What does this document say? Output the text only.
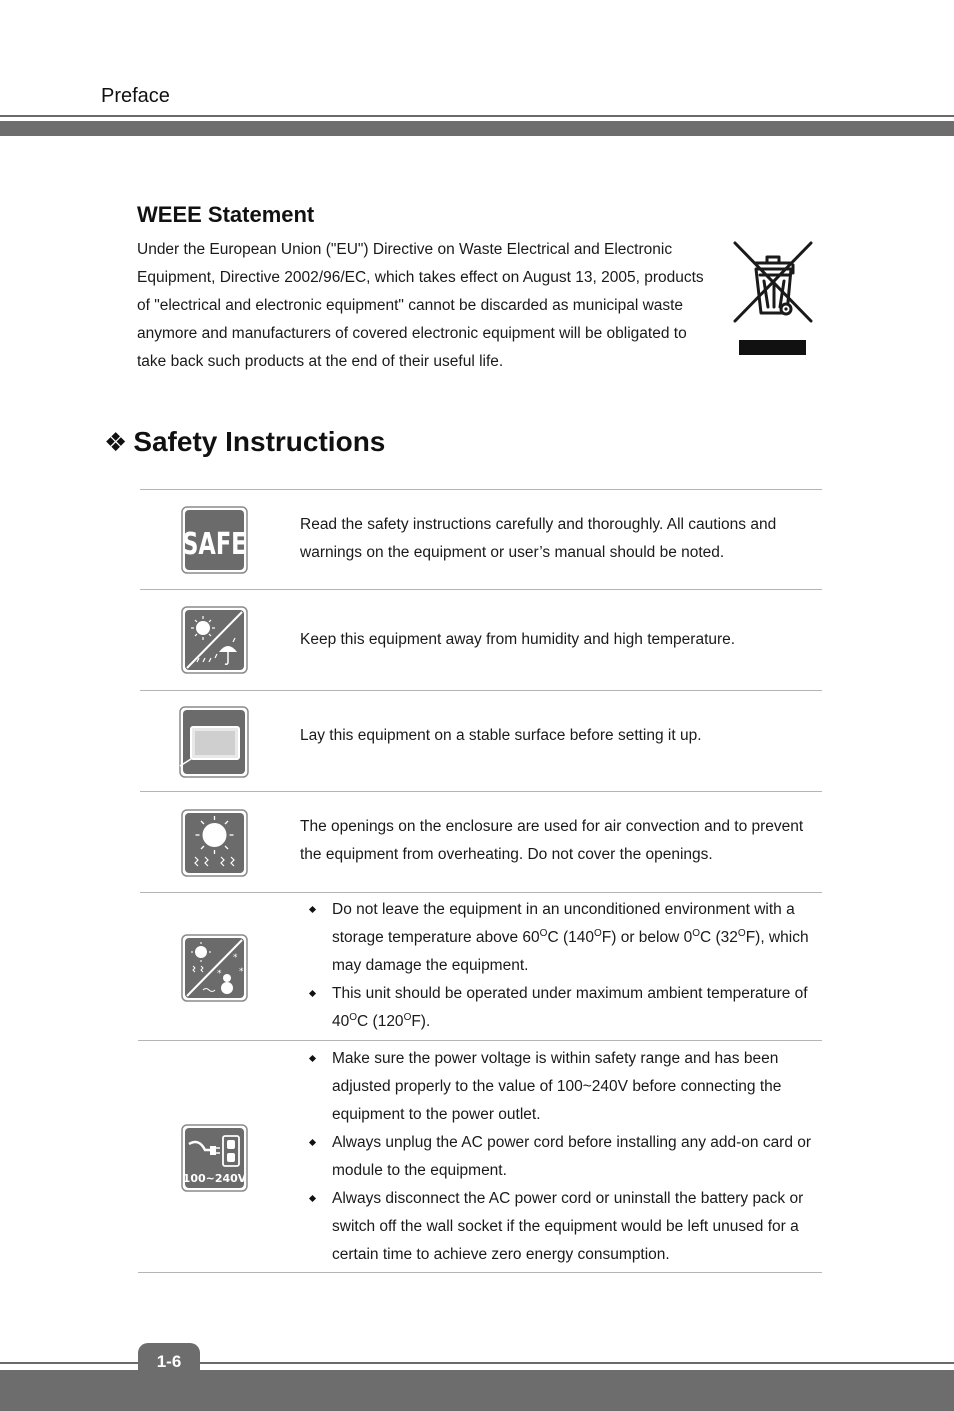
Preface
WEEE Statement
Under the European Union ("EU") Directive on Waste Electrical and Electronic Equipment, Directive 2002/96/EC, which takes effect on August 13, 2005, products of "electrical and electronic equipment" cannot be discarded as municipal waste anymore and manufacturers of covered electronic equipment will be obligated to take back such products at the end of their useful life.
❖ Safety Instructions
SAFE
Read the safety instructions carefully and thoroughly. All cautions and warnings on the equipment or user’s manual should be noted.
Keep this equipment away from humidity and high temperature.
Lay this equipment on a stable surface before setting it up.
The openings on the enclosure are used for air convection and to prevent the equipment from overheating. Do not cover the openings.
*
*
*
Do not leave the equipment in an unconditioned environment with a storage temperature above $60^OC$ $(140^OF)$ or below $0^OC$ $(32^OF)$, which may damage the equipment.
This unit should be operated under maximum ambient temperature of $40^OC$ $(120^OF)$.
100~240V
Make sure the power voltage is within safety range and has been adjusted properly to the value of 100~240V before connecting the equipment to the power outlet.
Always unplug the AC power cord before installing any add-on card or module to the equipment.
Always disconnect the AC power cord or uninstall the battery pack or switch off the wall socket if the equipment would be left unused for a certain time to achieve zero energy consumption.
1-6
